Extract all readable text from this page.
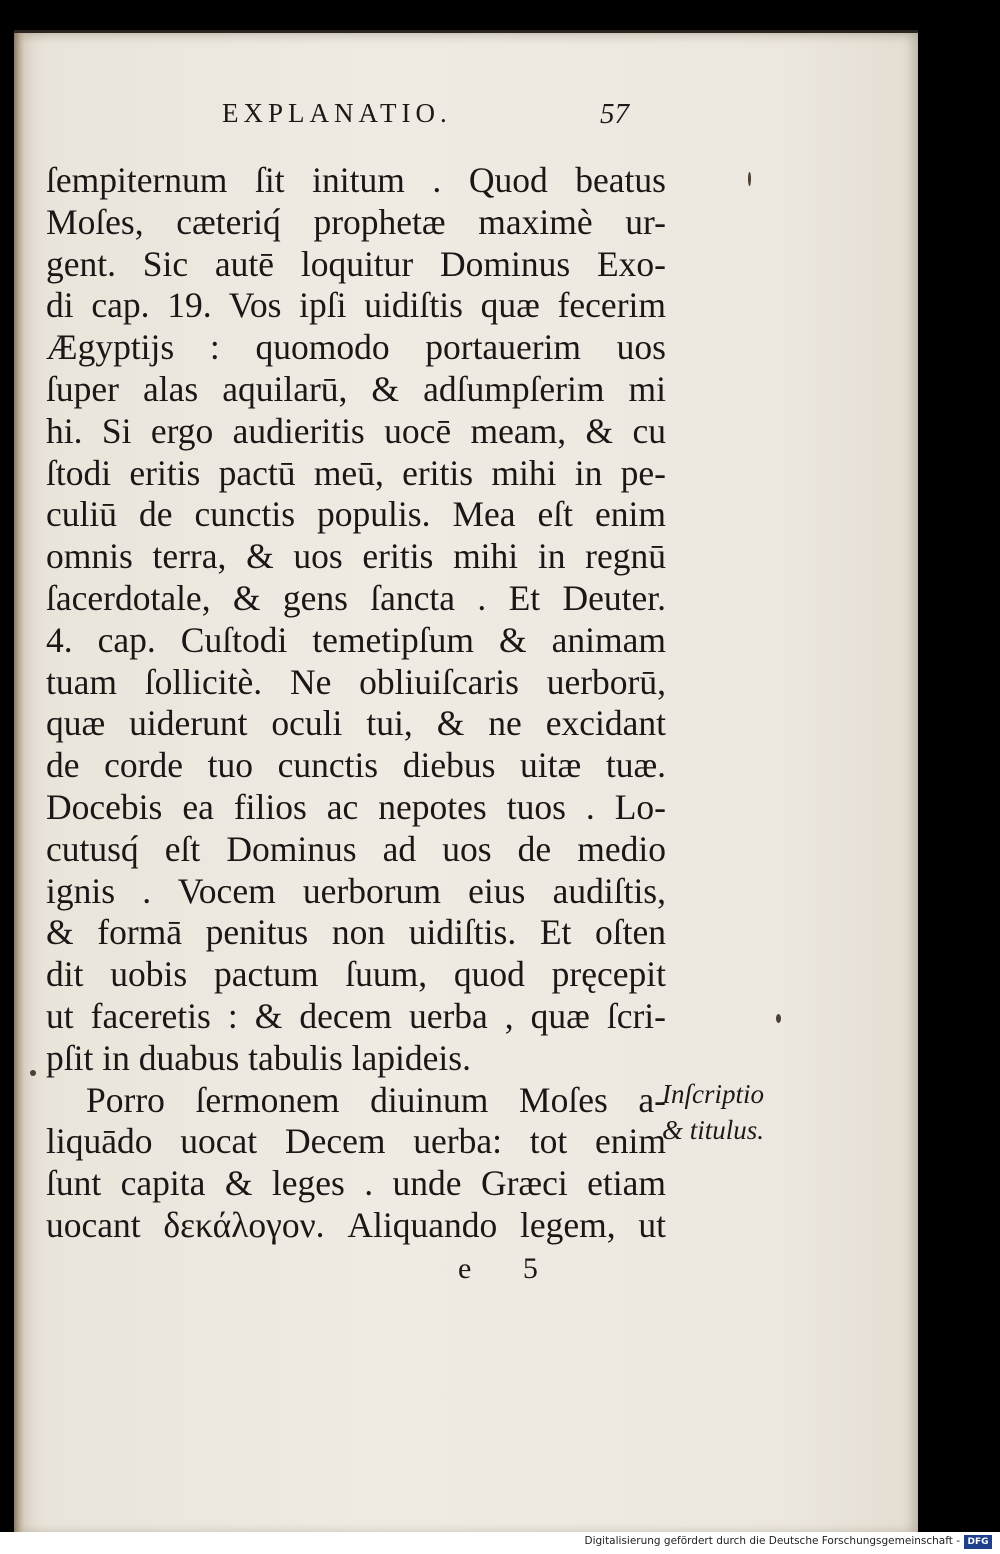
EXPLANATIO.	57
ſempiternum ſit initum . Quod beatus
Moſes, cæteriq́ prophetæ maximè ur-
gent. Sic autē loquitur Dominus Exo-
di cap. 19. Vos ipſi uidiſtis quæ fecerim
Ægyptijs : quomodo portauerim uos
ſuper alas aquilarū, & adſumpſerim mi
hi. Si ergo audieritis uocē meam, & cu
ſtodi eritis pactū meū, eritis mihi in pe-
culiū de cunctis populis. Mea eſt enim
omnis terra, & uos eritis mihi in regnū
ſacerdotale, & gens ſancta . Et Deuter.
4. cap. Cuſtodi temetipſum & animam
tuam ſollicitè. Ne obliuiſcaris uerborū,
quæ uiderunt oculi tui, & ne excidant
de corde tuo cunctis diebus uitæ tuæ.
Docebis ea filios ac nepotes tuos . Lo-
cutusq́ eſt Dominus ad uos de medio
ignis . Vocem uerborum eius audiſtis,
& formā penitus non uidiſtis. Et oſten
dit uobis pactum ſuum, quod pręcepit
ut faceretis : & decem uerba , quæ ſcri-
pſit in duabus tabulis lapideis.
Porro ſermonem diuinum Moſes a-
liquādo uocat Decem uerba: tot enim
ſunt capita & leges . unde Græci etiam
uocant δεκάλογον. Aliquando legem, ut
Inſcriptio
& titulus.
e 5
Digitalisierung gefördert durch die Deutsche Forschungsgemeinschaft - DFG
